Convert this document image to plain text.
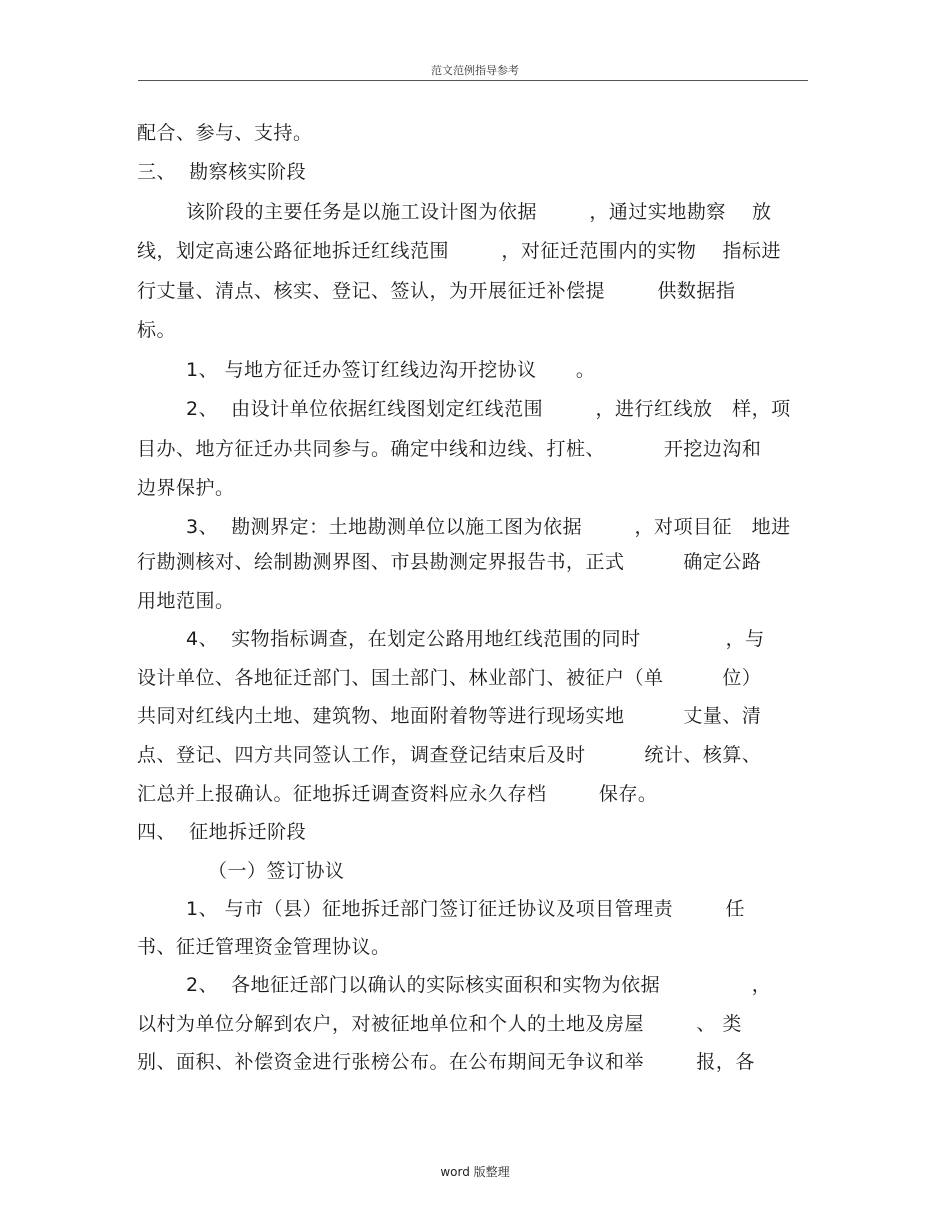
范文范例指导参考
配合、参与、支持。
三、  勘察核实阶段
该阶段的主要任务是以施工设计图为依据        ，通过实地勘察    放
线，划定高速公路征地拆迁红线范围        ，对征迁范围内的实物    指标进
行丈量、清点、核实、登记、签认，为开展征迁补偿提        供数据指
标。
1、 与地方征迁办签订红线边沟开挖协议      。
2、  由设计单位依据红线图划定红线范围        ，进行红线放   样，项
目办、地方征迁办共同参与。确定中线和边线、打桩、         开挖边沟和
边界保护。
3、  勘测界定：土地勘测单位以施工图为依据        ，对项目征   地进
行勘测核对、绘制勘测界图、市县勘测定界报告书，正式         确定公路
用地范围。
4、  实物指标调查，在划定公路用地红线范围的同时             ，与
设计单位、各地征迁部门、国土部门、林业部门、被征户（单         位）
共同对红线内土地、建筑物、地面附着物等进行现场实地         丈量、清
点、登记、四方共同签认工作，调查登记结束后及时         统计、核算、
汇总并上报确认。征地拆迁调查资料应永久存档        保存。
四、  征地拆迁阶段
（一）签订协议
1、 与市（县）征地拆迁部门签订征迁协议及项目管理责        任
书、征迁管理资金管理协议。
2、  各地征迁部门以确认的实际核实面积和实物为依据              ，
以村为单位分解到农户，对被征地单位和个人的土地及房屋        、 类
别、面积、补偿资金进行张榜公布。在公布期间无争议和举        报，各
word 版整理
